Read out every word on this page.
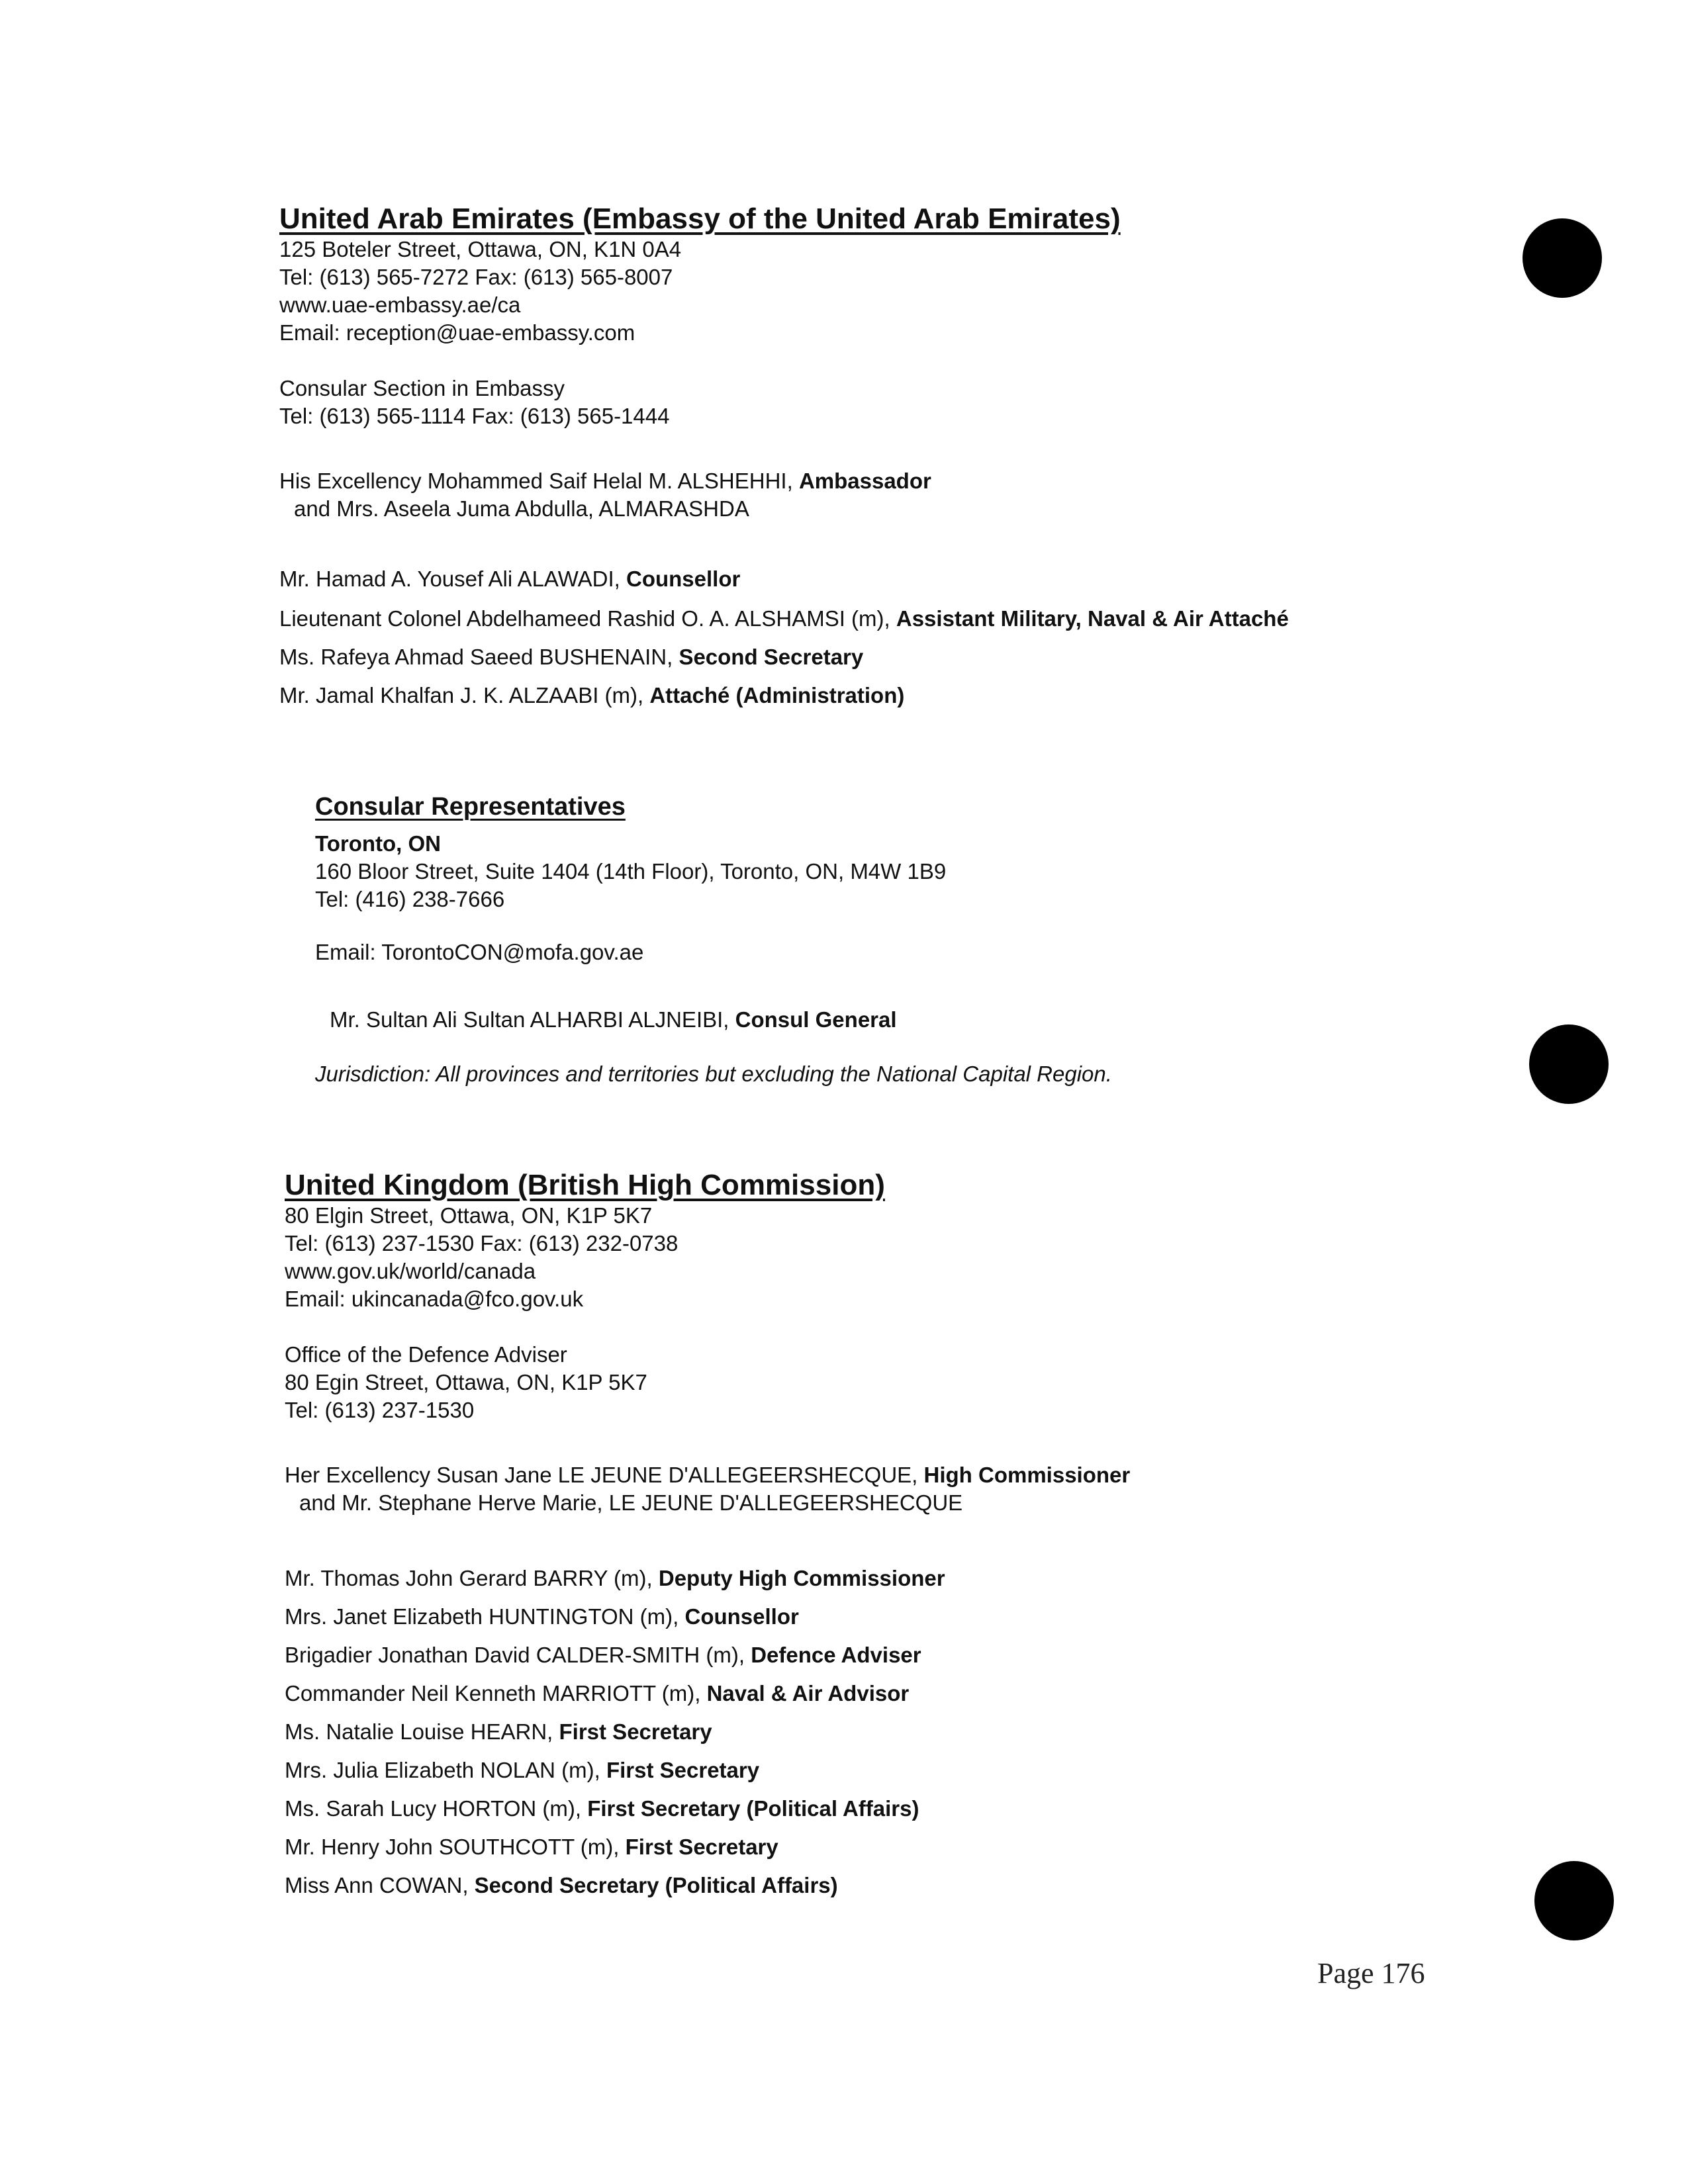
United Arab Emirates (Embassy of the United Arab Emirates)

125 Boteler Street, Ottawa, ON, K1N 0A4
Tel: (613) 565-7272 Fax: (613) 565-8007
www.uae-embassy.ae/ca
Email: reception@uae-embassy.com
Consular Section in Embassy
Tel: (613) 565-1114 Fax: (613) 565-1444
His Excellency Mohammed Saif Helal M. ALSHEHHI, Ambassador
and Mrs. Aseela Juma Abdulla, ALMARASHDA
Mr. Hamad A. Yousef Ali ALAWADI, Counsellor
Lieutenant Colonel Abdelhameed Rashid O. A. ALSHAMSI (m), Assistant Military, Naval & Air Attaché
Ms. Rafeya Ahmad Saeed BUSHENAIN, Second Secretary
Mr. Jamal Khalfan J. K. ALZAABI (m), Attaché (Administration)

Consular Representatives

Toronto, ON
160 Bloor Street, Suite 1404 (14th Floor), Toronto, ON, M4W 1B9
Tel: (416) 238-7666
Email: TorontoCON@mofa.gov.ae
Mr. Sultan Ali Sultan ALHARBI ALJNEIBI, Consul General
Jurisdiction: All provinces and territories but excluding the National Capital Region.

United Kingdom (British High Commission)

80 Elgin Street, Ottawa, ON, K1P 5K7
Tel: (613) 237-1530 Fax: (613) 232-0738
www.gov.uk/world/canada
Email: ukincanada@fco.gov.uk
Office of the Defence Adviser
80 Egin Street, Ottawa, ON, K1P 5K7
Tel: (613) 237-1530
Her Excellency Susan Jane LE JEUNE D'ALLEGEERSHECQUE, High Commissioner
and Mr. Stephane Herve Marie, LE JEUNE D'ALLEGEERSHECQUE
Mr. Thomas John Gerard BARRY (m), Deputy High Commissioner
Mrs. Janet Elizabeth HUNTINGTON (m), Counsellor
Brigadier Jonathan David CALDER-SMITH (m), Defence Adviser
Commander Neil Kenneth MARRIOTT (m), Naval & Air Advisor
Ms. Natalie Louise HEARN, First Secretary
Mrs. Julia Elizabeth NOLAN (m), First Secretary
Ms. Sarah Lucy HORTON (m), First Secretary (Political Affairs)
Mr. Henry John SOUTHCOTT (m), First Secretary
Miss Ann COWAN, Second Secretary (Political Affairs)
Page 176
